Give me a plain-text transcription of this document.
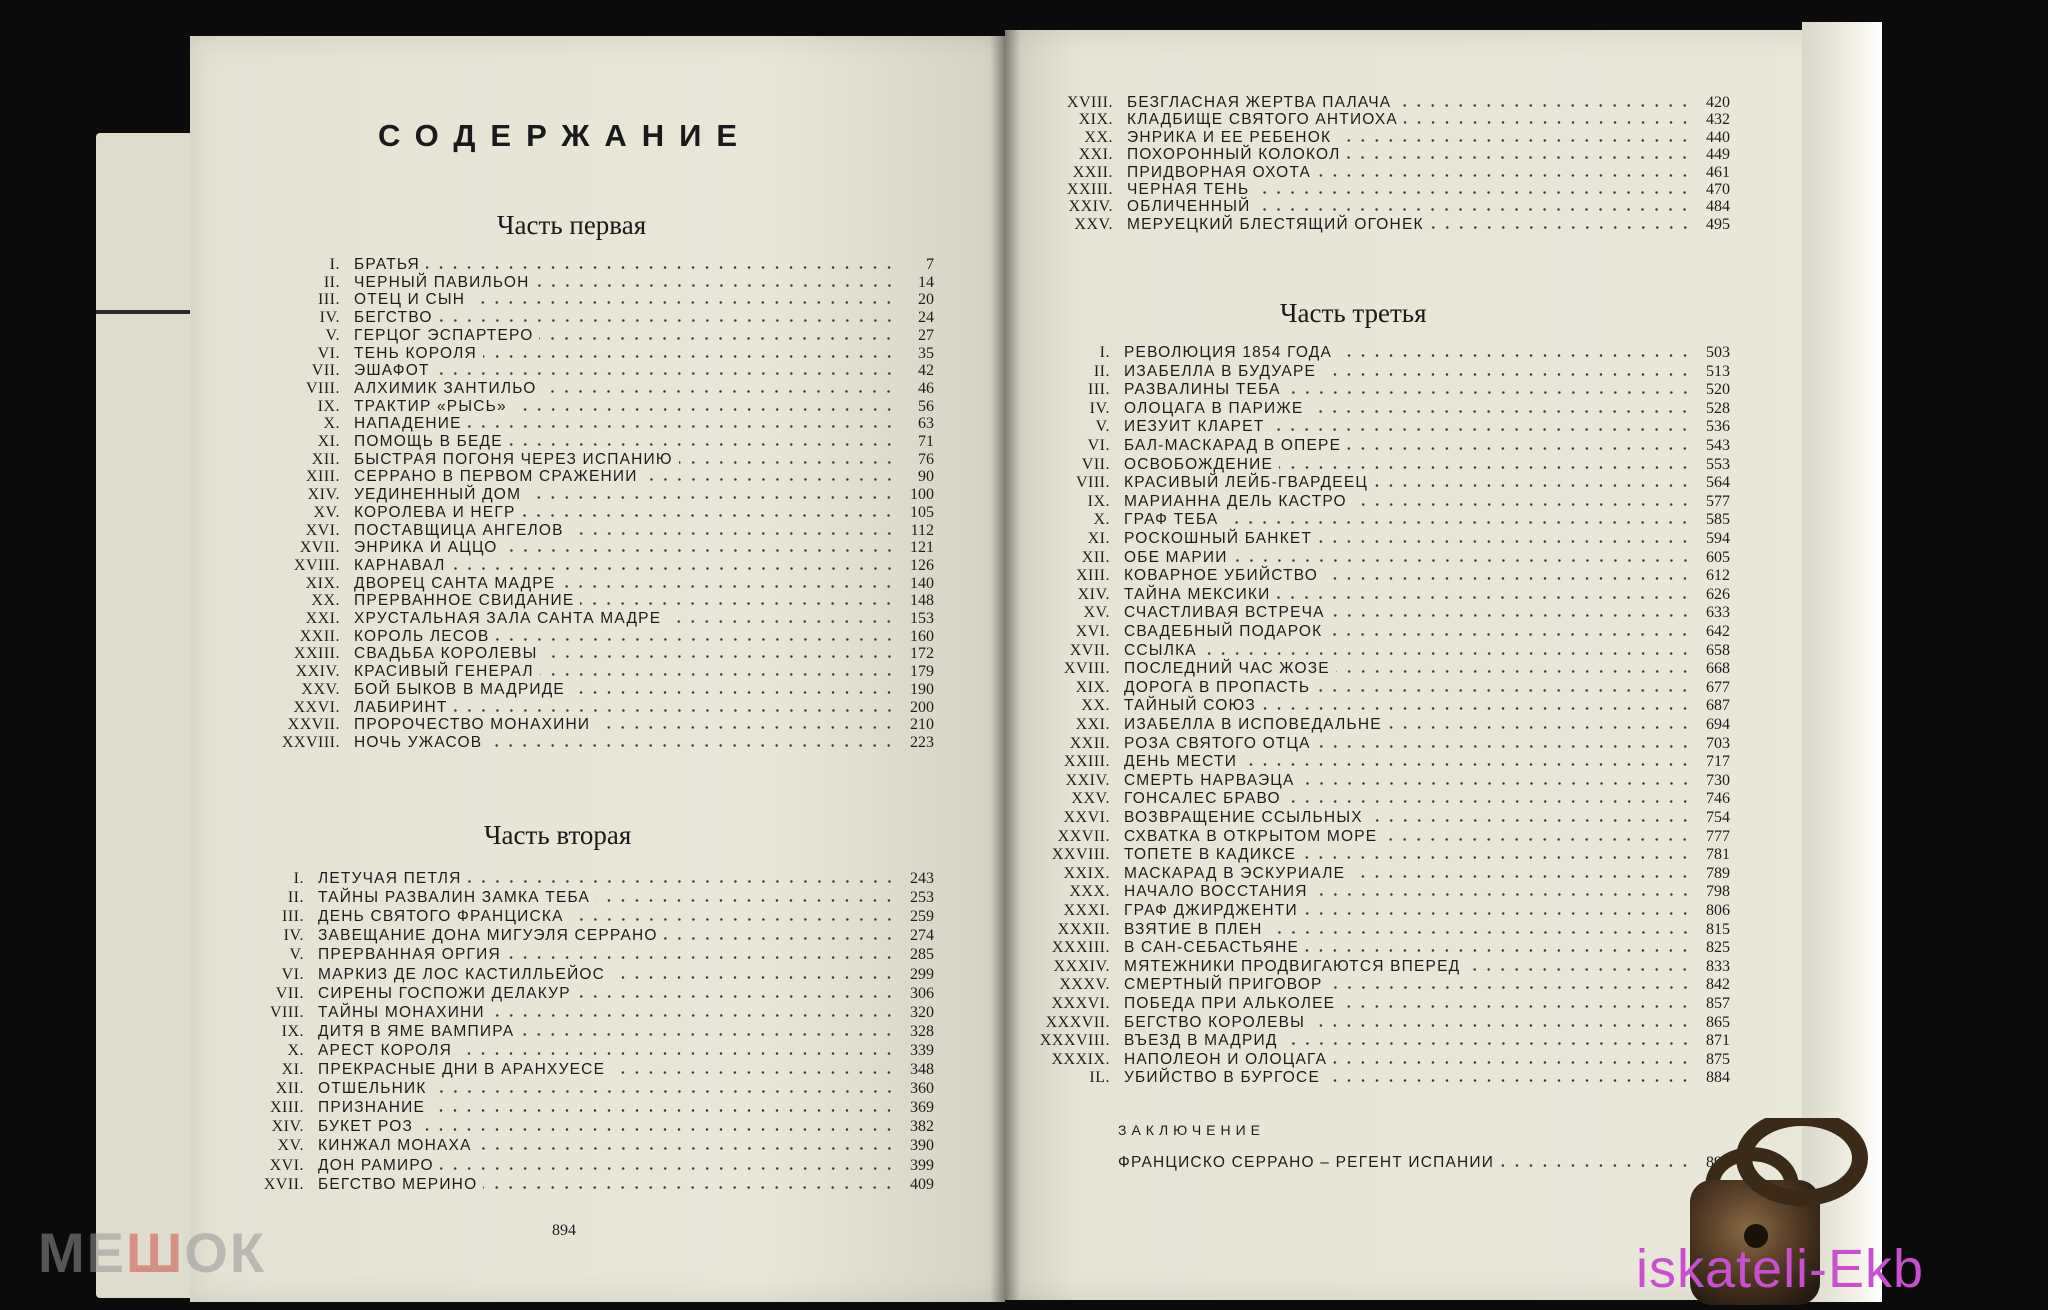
СОДЕРЖАНИЕ
Часть первая
I. БРАТЬЯ	7
II. ЧЕРНЫЙ ПАВИЛЬОН	14
III. ОТЕЦ И СЫН	20
IV. БЕГСТВО	24
V. ГЕРЦОГ ЭСПАРТЕРО	27
VI. ТЕНЬ КОРОЛЯ	35
VII. ЭШАФОТ	42
VIII. АЛХИМИК ЗАНТИЛЬО	46
IX. ТРАКТИР «РЫСЬ»	56
X. НАПАДЕНИЕ	63
XI. ПОМОЩЬ В БЕДЕ	71
XII. БЫСТРАЯ ПОГОНЯ ЧЕРЕЗ ИСПАНИЮ	76
XIII. СЕРРАНО В ПЕРВОМ СРАЖЕНИИ	90
XIV. УЕДИНЕННЫЙ ДОМ	100
XV. КОРОЛЕВА И НЕГР	105
XVI. ПОСТАВЩИЦА АНГЕЛОВ	112
XVII. ЭНРИКА И АЦЦО	121
XVIII. КАРНАВАЛ	126
XIX. ДВОРЕЦ САНТА МАДРЕ	140
XX. ПРЕРВАННОЕ СВИДАНИЕ	148
XXI. ХРУСТАЛЬНАЯ ЗАЛА САНТА МАДРЕ	153
XXII. КОРОЛЬ ЛЕСОВ	160
XXIII. СВАДЬБА КОРОЛЕВЫ	172
XXIV. КРАСИВЫЙ ГЕНЕРАЛ	179
XXV. БОЙ БЫКОВ В МАДРИДЕ	190
XXVI. ЛАБИРИНТ	200
XXVII. ПРОРОЧЕСТВО МОНАХИНИ	210
XXVIII. НОЧЬ УЖАСОВ	223
Часть вторая
I. ЛЕТУЧАЯ ПЕТЛЯ	243
II. ТАЙНЫ РАЗВАЛИН ЗАМКА ТЕБА	253
III. ДЕНЬ СВЯТОГО ФРАНЦИСКА	259
IV. ЗАВЕЩАНИЕ ДОНА МИГУЭЛЯ СЕРРАНО	274
V. ПРЕРВАННАЯ ОРГИЯ	285
VI. МАРКИЗ ДЕ ЛОС КАСТИЛЛЬЕЙОС	299
VII. СИРЕНЫ ГОСПОЖИ ДЕЛАКУР	306
VIII. ТАЙНЫ МОНАХИНИ	320
IX. ДИТЯ В ЯМЕ ВАМПИРА	328
X. АРЕСТ КОРОЛЯ	339
XI. ПРЕКРАСНЫЕ ДНИ В АРАНХУЕСЕ	348
XII. ОТШЕЛЬНИК	360
XIII. ПРИЗНАНИЕ	369
XIV. БУКЕТ РОЗ	382
XV. КИНЖАЛ МОНАХА	390
XVI. ДОН РАМИРО	399
XVII. БЕГСТВО МЕРИНО	409
XVIII. БЕЗГЛАСНАЯ ЖЕРТВА ПАЛАЧА	420
XIX. КЛАДБИЩЕ СВЯТОГО АНТИОХА	432
XX. ЭНРИКА И ЕЕ РЕБЕНОК	440
XXI. ПОХОРОННЫЙ КОЛОКОЛ	449
XXII. ПРИДВОРНАЯ ОХОТА	461
XXIII. ЧЕРНАЯ ТЕНЬ	470
XXIV. ОБЛИЧЕННЫЙ	484
XXV. МЕРУЕЦКИЙ БЛЕСТЯЩИЙ ОГОНЕК	495
Часть третья
I. РЕВОЛЮЦИЯ 1854 ГОДА	503
II. ИЗАБЕЛЛА В БУДУАРЕ	513
III. РАЗВАЛИНЫ ТЕБА	520
IV. ОЛОЦАГА В ПАРИЖЕ	528
V. ИЕЗУИТ КЛАРЕТ	536
VI. БАЛ-МАСКАРАД В ОПЕРЕ	543
VII. ОСВОБОЖДЕНИЕ	553
VIII. КРАСИВЫЙ ЛЕЙБ-ГВАРДЕЕЦ	564
IX. МАРИАННА ДЕЛЬ КАСТРО	577
X. ГРАФ ТЕБА	585
XI. РОСКОШНЫЙ БАНКЕТ	594
XII. ОБЕ МАРИИ	605
XIII. КОВАРНОЕ УБИЙСТВО	612
XIV. ТАЙНА МЕКСИКИ	626
XV. СЧАСТЛИВАЯ ВСТРЕЧА	633
XVI. СВАДЕБНЫЙ ПОДАРОК	642
XVII. ССЫЛКА	658
XVIII. ПОСЛЕДНИЙ ЧАС ЖОЗЕ	668
XIX. ДОРОГА В ПРОПАСТЬ	677
XX. ТАЙНЫЙ СОЮЗ	687
XXI. ИЗАБЕЛЛА В ИСПОВЕДАЛЬНЕ	694
XXII. РОЗА СВЯТОГО ОТЦА	703
XXIII. ДЕНЬ МЕСТИ	717
XXIV. СМЕРТЬ НАРВАЭЦА	730
XXV. ГОНСАЛЕС БРАВО	746
XXVI. ВОЗВРАЩЕНИЕ ССЫЛЬНЫХ	754
XXVII. СХВАТКА В ОТКРЫТОМ МОРЕ	777
XXVIII. ТОПЕТЕ В КАДИКСЕ	781
XXIX. МАСКАРАД В ЭСКУРИАЛЕ	789
XXX. НАЧАЛО ВОССТАНИЯ	798
XXXI. ГРАФ ДЖИРДЖЕНТИ	806
XXXII. ВЗЯТИЕ В ПЛЕН	815
XXXIII. В САН-СЕБАСТЬЯНЕ	825
XXXIV. МЯТЕЖНИКИ ПРОДВИГАЮТСЯ ВПЕРЕД	833
XXXV. СМЕРТНЫЙ ПРИГОВОР	842
XXXVI. ПОБЕДА ПРИ АЛЬКОЛЕЕ	857
XXXVII. БЕГСТВО КОРОЛЕВЫ	865
XXXVIII. ВЪЕЗД В МАДРИД	871
XXXIX. НАПОЛЕОН И ОЛОЦАГА	875
IL. УБИЙСТВО В БУРГОСЕ	884
ЗАКЛЮЧЕНИЕ
ФРАНЦИСКО СЕРРАНО – РЕГЕНТ ИСПАНИИ	891
894
МЕШОК	iskateli-Ekb
